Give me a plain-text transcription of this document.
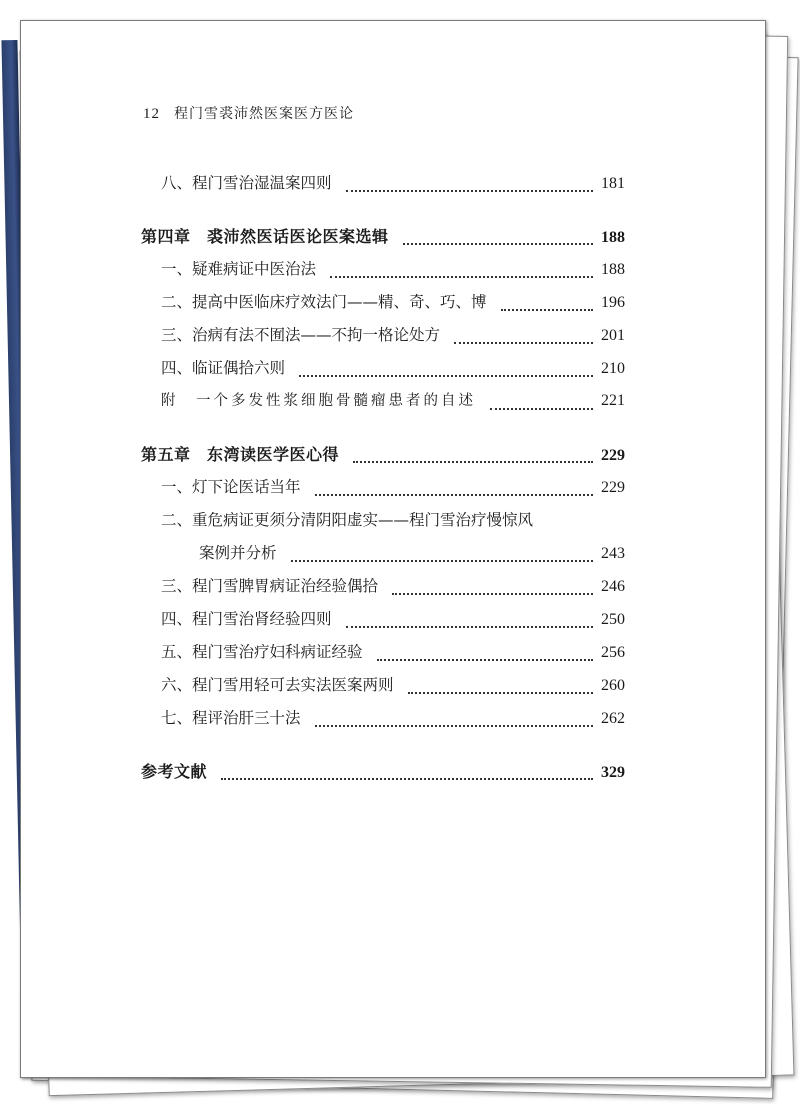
12 程门雪裘沛然医案医方医论
八、程门雪治湿温案四则	181
第四章　裘沛然医话医论医案选辑	188
一、疑难病证中医治法	188
二、提高中医临床疗效法门——精、奇、巧、博	196
三、治病有法不囿法——不拘一格论处方	201
四、临证偶拾六则	210
附　一个多发性浆细胞骨髓瘤患者的自述	221
第五章　东湾读医学医心得	229
一、灯下论医话当年	229
二、重危病证更须分清阴阳虚实——程门雪治疗慢惊风
案例并分析	243
三、程门雪脾胃病证治经验偶拾	246
四、程门雪治肾经验四则	250
五、程门雪治疗妇科病证经验	256
六、程门雪用轻可去实法医案两则	260
七、程评治肝三十法	262
参考文献	329
